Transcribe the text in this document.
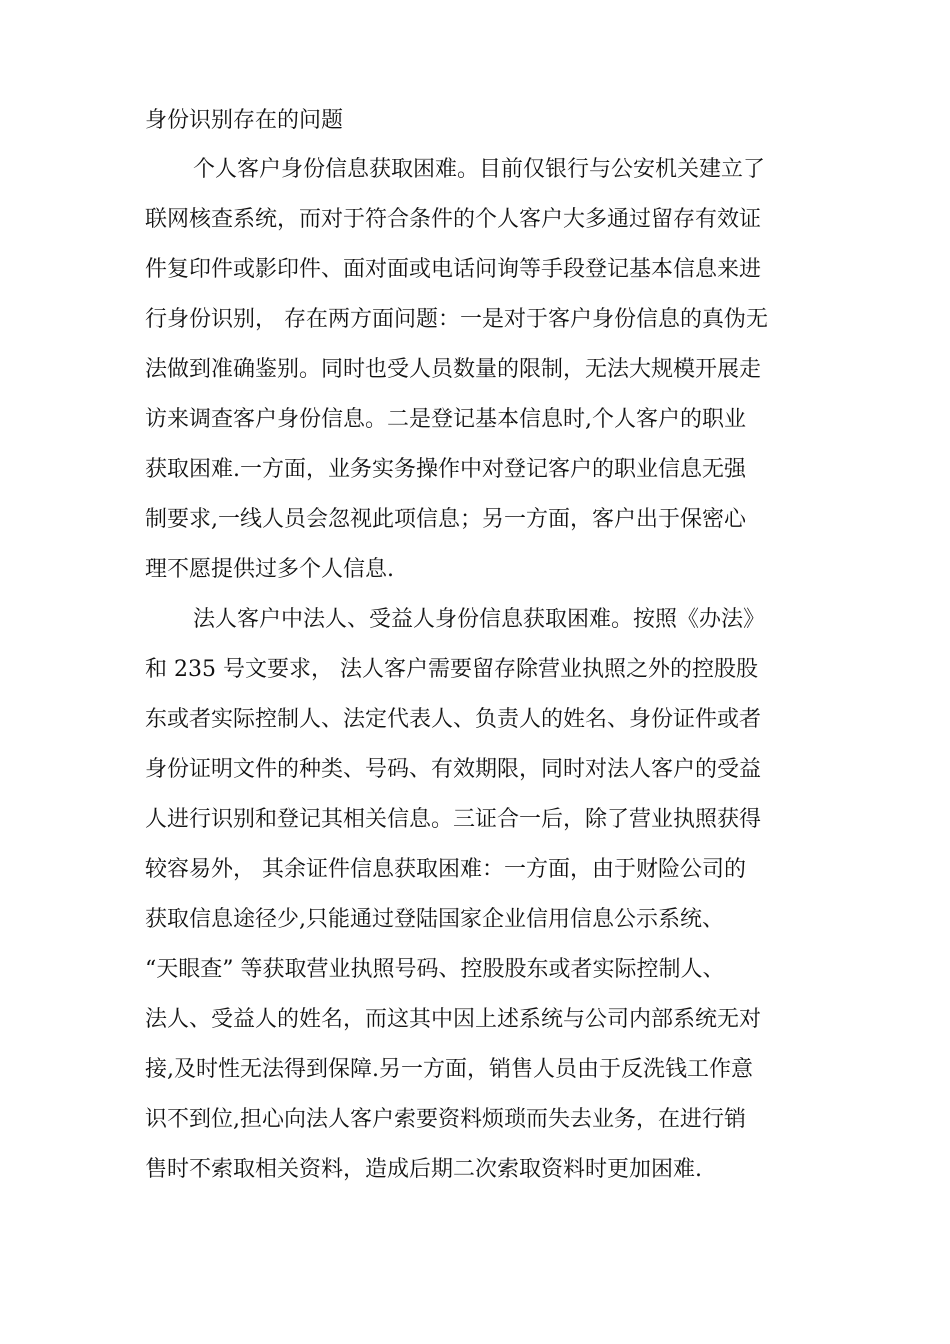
身份识别存在的问题
个人客户身份信息获取困难。目前仅银行与公安机关建立了
联网核查系统，而对于符合条件的个人客户大多通过留存有效证
件复印件或影印件、面对面或电话问询等手段登记基本信息来进
行身份识别， 存在两方面问题：一是对于客户身份信息的真伪无
法做到准确鉴别。同时也受人员数量的限制，无法大规模开展走
访来调查客户身份信息。二是登记基本信息时,个人客户的职业
获取困难.一方面，业务实务操作中对登记客户的职业信息无强
制要求,一线人员会忽视此项信息；另一方面，客户出于保密心
理不愿提供过多个人信息.
法人客户中法人、受益人身份信息获取困难。按照《办法》
和 235 号文要求， 法人客户需要留存除营业执照之外的控股股
东或者实际控制人、法定代表人、负责人的姓名、身份证件或者
身份证明文件的种类、号码、有效期限，同时对法人客户的受益
人进行识别和登记其相关信息。三证合一后，除了营业执照获得
较容易外， 其余证件信息获取困难：一方面，由于财险公司的
获取信息途径少,只能通过登陆国家企业信用信息公示系统、
“天眼查” 等获取营业执照号码、控股股东或者实际控制人、
法人、受益人的姓名，而这其中因上述系统与公司内部系统无对
接,及时性无法得到保障.另一方面，销售人员由于反洗钱工作意
识不到位,担心向法人客户索要资料烦琐而失去业务，在进行销
售时不索取相关资料，造成后期二次索取资料时更加困难.
